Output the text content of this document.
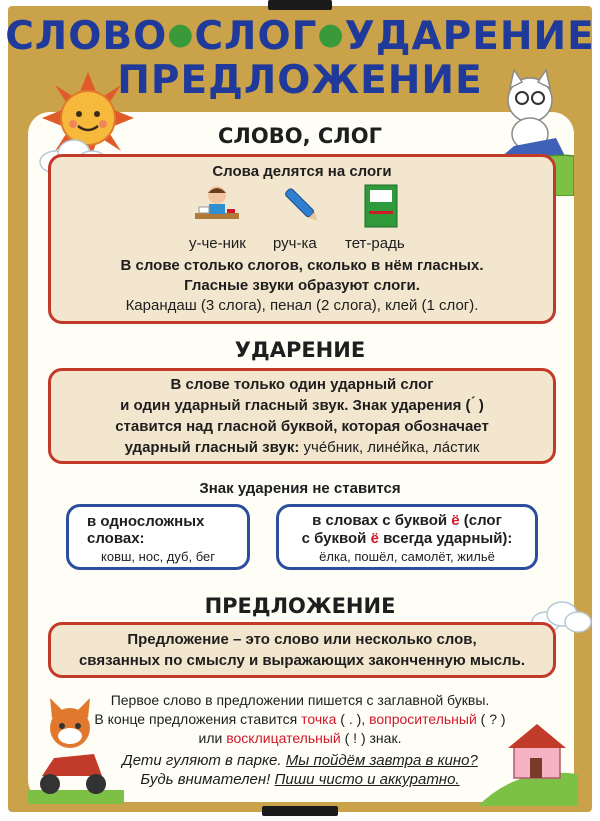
СЛОВО●СЛОГ●УДАРЕНИЕ
ПРЕДЛОЖЕНИЕ
СЛОВО, СЛОГ
Слова делятся на слоги
у-че-ник руч-ка тет-радь
В слове столько слогов, сколько в нём гласных.
Гласные звуки образуют слоги.
Карандаш (3 слога), пенал (2 слога), клей (1 слог).
УДАРЕНИЕ
В слове только один ударный слог
и один ударный гласный звук. Знак ударения ( ́ )
ставится над гласной буквой, которая обозначает
ударный гласный звук: уче́бник, лине́йка, ла́стик
Знак ударения не ставится
в односложных словах:
ковш, нос, дуб, бег
в словах с буквой ё (слог
с буквой ё всегда ударный):
ёлка, пошёл, самолёт, жильё
ПРЕДЛОЖЕНИЕ
Предложение – это слово или несколько слов,
связанных по смыслу и выражающих законченную мысль.
Первое слово в предложении пишется с заглавной буквы.
В конце предложения ставится точка ( . ), вопросительный ( ? )
или восклицательный ( ! ) знак.
Дети гуляют в парке. Мы пойдём завтра в кино?
Будь внимателен! Пиши чисто и аккуратно.
